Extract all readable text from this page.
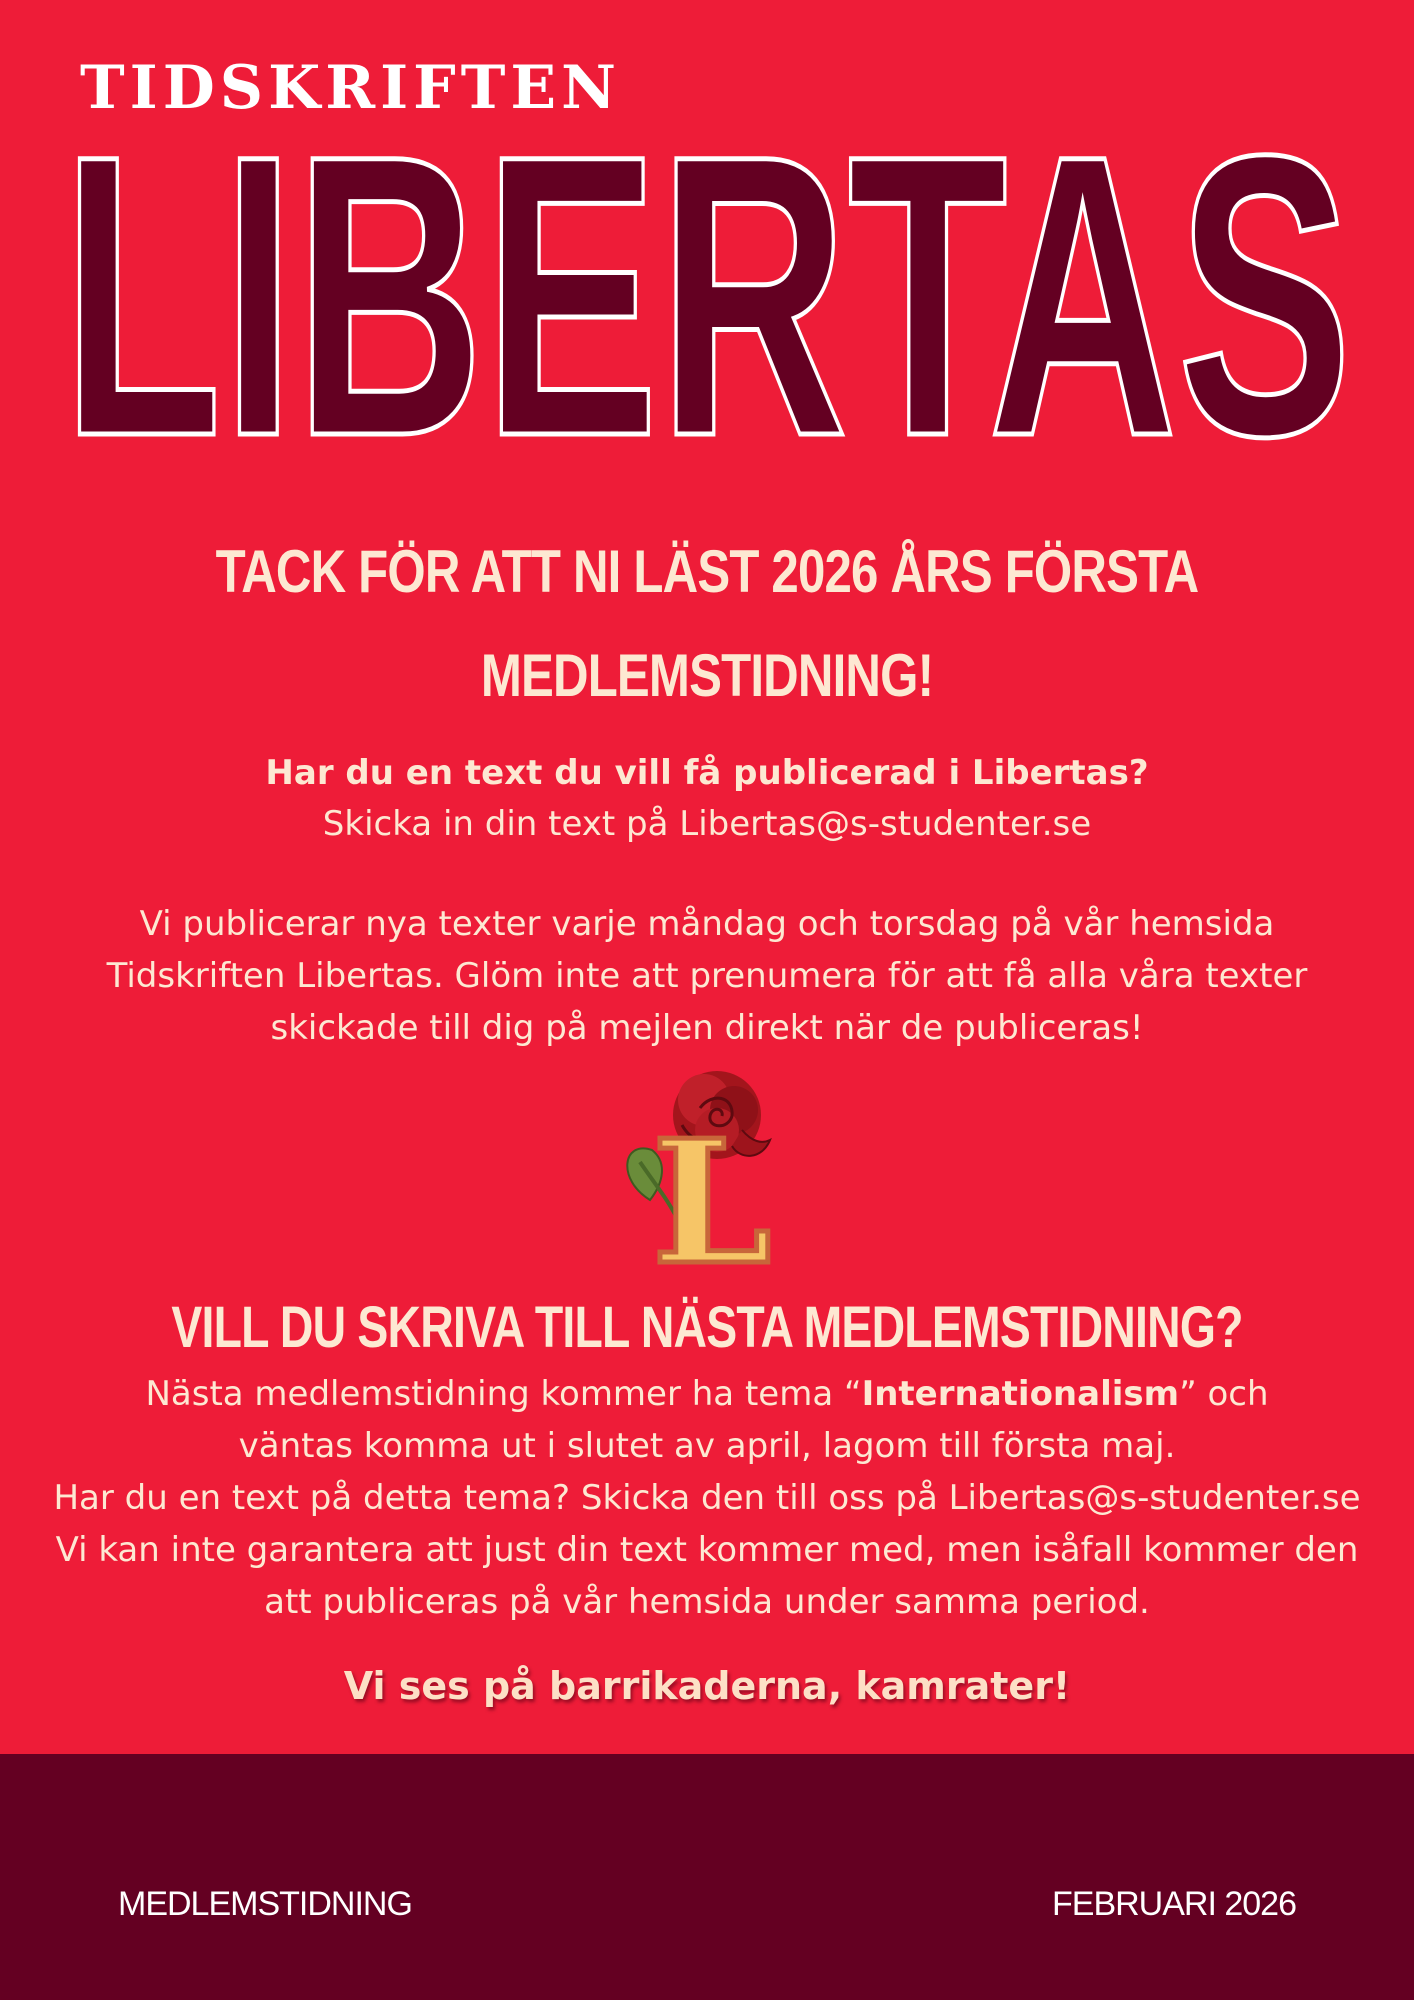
TIDSKRIFTEN
LIBERTAS
TACK FÖR ATT NI LÄST 2026 ÅRS FÖRSTA
MEDLEMSTIDNING!
Har du en text du vill få publicerad i Libertas?
Skicka in din text på Libertas@s-studenter.se
Vi publicerar nya texter varje måndag och torsdag på vår hemsida
Tidskriften Libertas. Glöm inte att prenumera för att få alla våra texter
skickade till dig på mejlen direkt när de publiceras!
L
VILL DU SKRIVA TILL NÄSTA MEDLEMSTIDNING?
Nästa medlemstidning kommer ha tema “Internationalism” och
väntas komma ut i slutet av april, lagom till första maj.
Har du en text på detta tema? Skicka den till oss på Libertas@s-studenter.se
Vi kan inte garantera att just din text kommer med, men isåfall kommer den
att publiceras på vår hemsida under samma period.
Vi ses på barrikaderna, kamrater!
MEDLEMSTIDNING	FEBRUARI 2026
